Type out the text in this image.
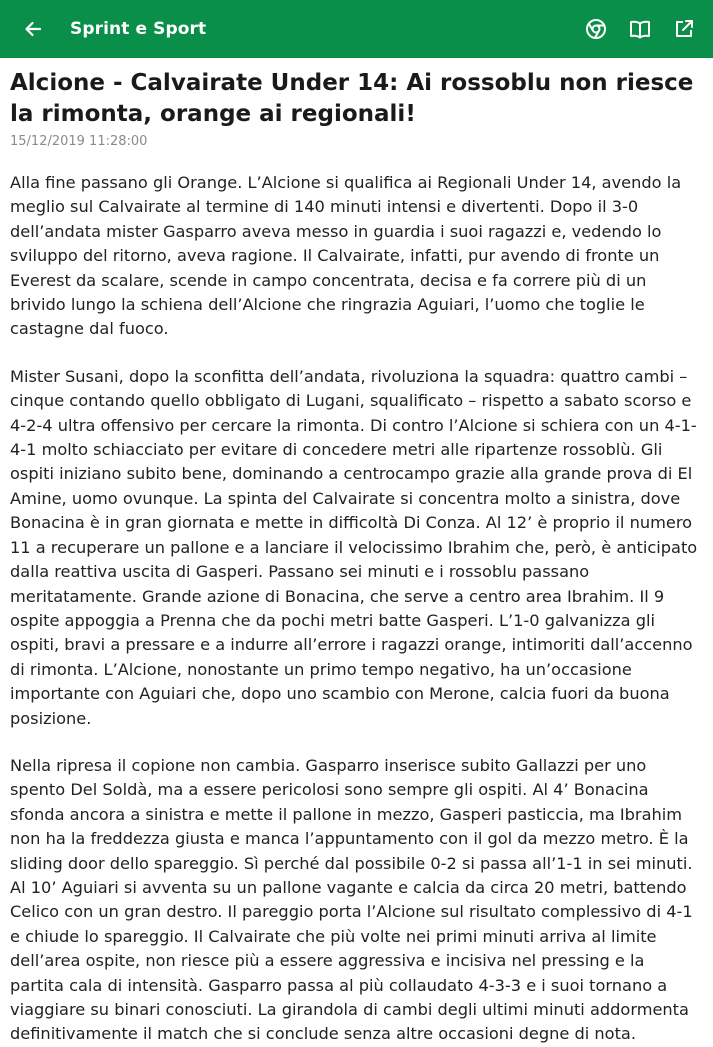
Sprint e Sport
Alcione - Calvairate Under 14: Ai rossoblu non riesce la rimonta, orange ai regionali!
15/12/2019 11:28:00

Alla fine passano gli Orange. L’Alcione si qualifica ai Regionali Under 14, avendo la meglio sul Calvairate al termine di 140 minuti intensi e divertenti. Dopo il 3-0 dell’andata mister Gasparro aveva messo in guardia i suoi ragazzi e, vedendo lo sviluppo del ritorno, aveva ragione. Il Calvairate, infatti, pur avendo di fronte un Everest da scalare, scende in campo concentrata, decisa e fa correre più di un brivido lungo la schiena dell’Alcione che ringrazia Aguiari, l’uomo che toglie le castagne dal fuoco.

Mister Susani, dopo la sconfitta dell’andata, rivoluziona la squadra: quattro cambi – cinque contando quello obbligato di Lugani, squalificato – rispetto a sabato scorso e 4-2-4 ultra offensivo per cercare la rimonta. Di contro l’Alcione si schiera con un 4-1-4-1 molto schiacciato per evitare di concedere metri alle ripartenze rossoblù. Gli ospiti iniziano subito bene, dominando a centrocampo grazie alla grande prova di El Amine, uomo ovunque. La spinta del Calvairate si concentra molto a sinistra, dove Bonacina è in gran giornata e mette in difficoltà Di Conza. Al 12’ è proprio il numero 11 a recuperare un pallone e a lanciare il velocissimo Ibrahim che, però, è anticipato dalla reattiva uscita di Gasperi. Passano sei minuti e i rossoblu passano meritatamente. Grande azione di Bonacina, che serve a centro area Ibrahim. Il 9 ospite appoggia a Prenna che da pochi metri batte Gasperi. L’1-0 galvanizza gli ospiti, bravi a pressare e a indurre all’errore i ragazzi orange, intimoriti dall’accenno di rimonta. L’Alcione, nonostante un primo tempo negativo, ha un’occasione importante con Aguiari che, dopo uno scambio con Merone, calcia fuori da buona posizione.

Nella ripresa il copione non cambia. Gasparro inserisce subito Gallazzi per uno spento Del Soldà, ma a essere pericolosi sono sempre gli ospiti. Al 4’ Bonacina sfonda ancora a sinistra e mette il pallone in mezzo, Gasperi pasticcia, ma Ibrahim non ha la freddezza giusta e manca l’appuntamento con il gol da mezzo metro. È la sliding door dello spareggio. Sì perché dal possibile 0-2 si passa all’1-1 in sei minuti. Al 10’ Aguiari si avventa su un pallone vagante e calcia da circa 20 metri, battendo Celico con un gran destro. Il pareggio porta l’Alcione sul risultato complessivo di 4-1 e chiude lo spareggio. Il Calvairate che più volte nei primi minuti arriva al limite dell’area ospite, non riesce più a essere aggressiva e incisiva nel pressing e la partita cala di intensità. Gasparro passa al più collaudato 4-3-3 e i suoi tornano a viaggiare su binari conosciuti. La girandola di cambi degli ultimi minuti addormenta definitivamente il match che si conclude senza altre occasioni degne di nota.
